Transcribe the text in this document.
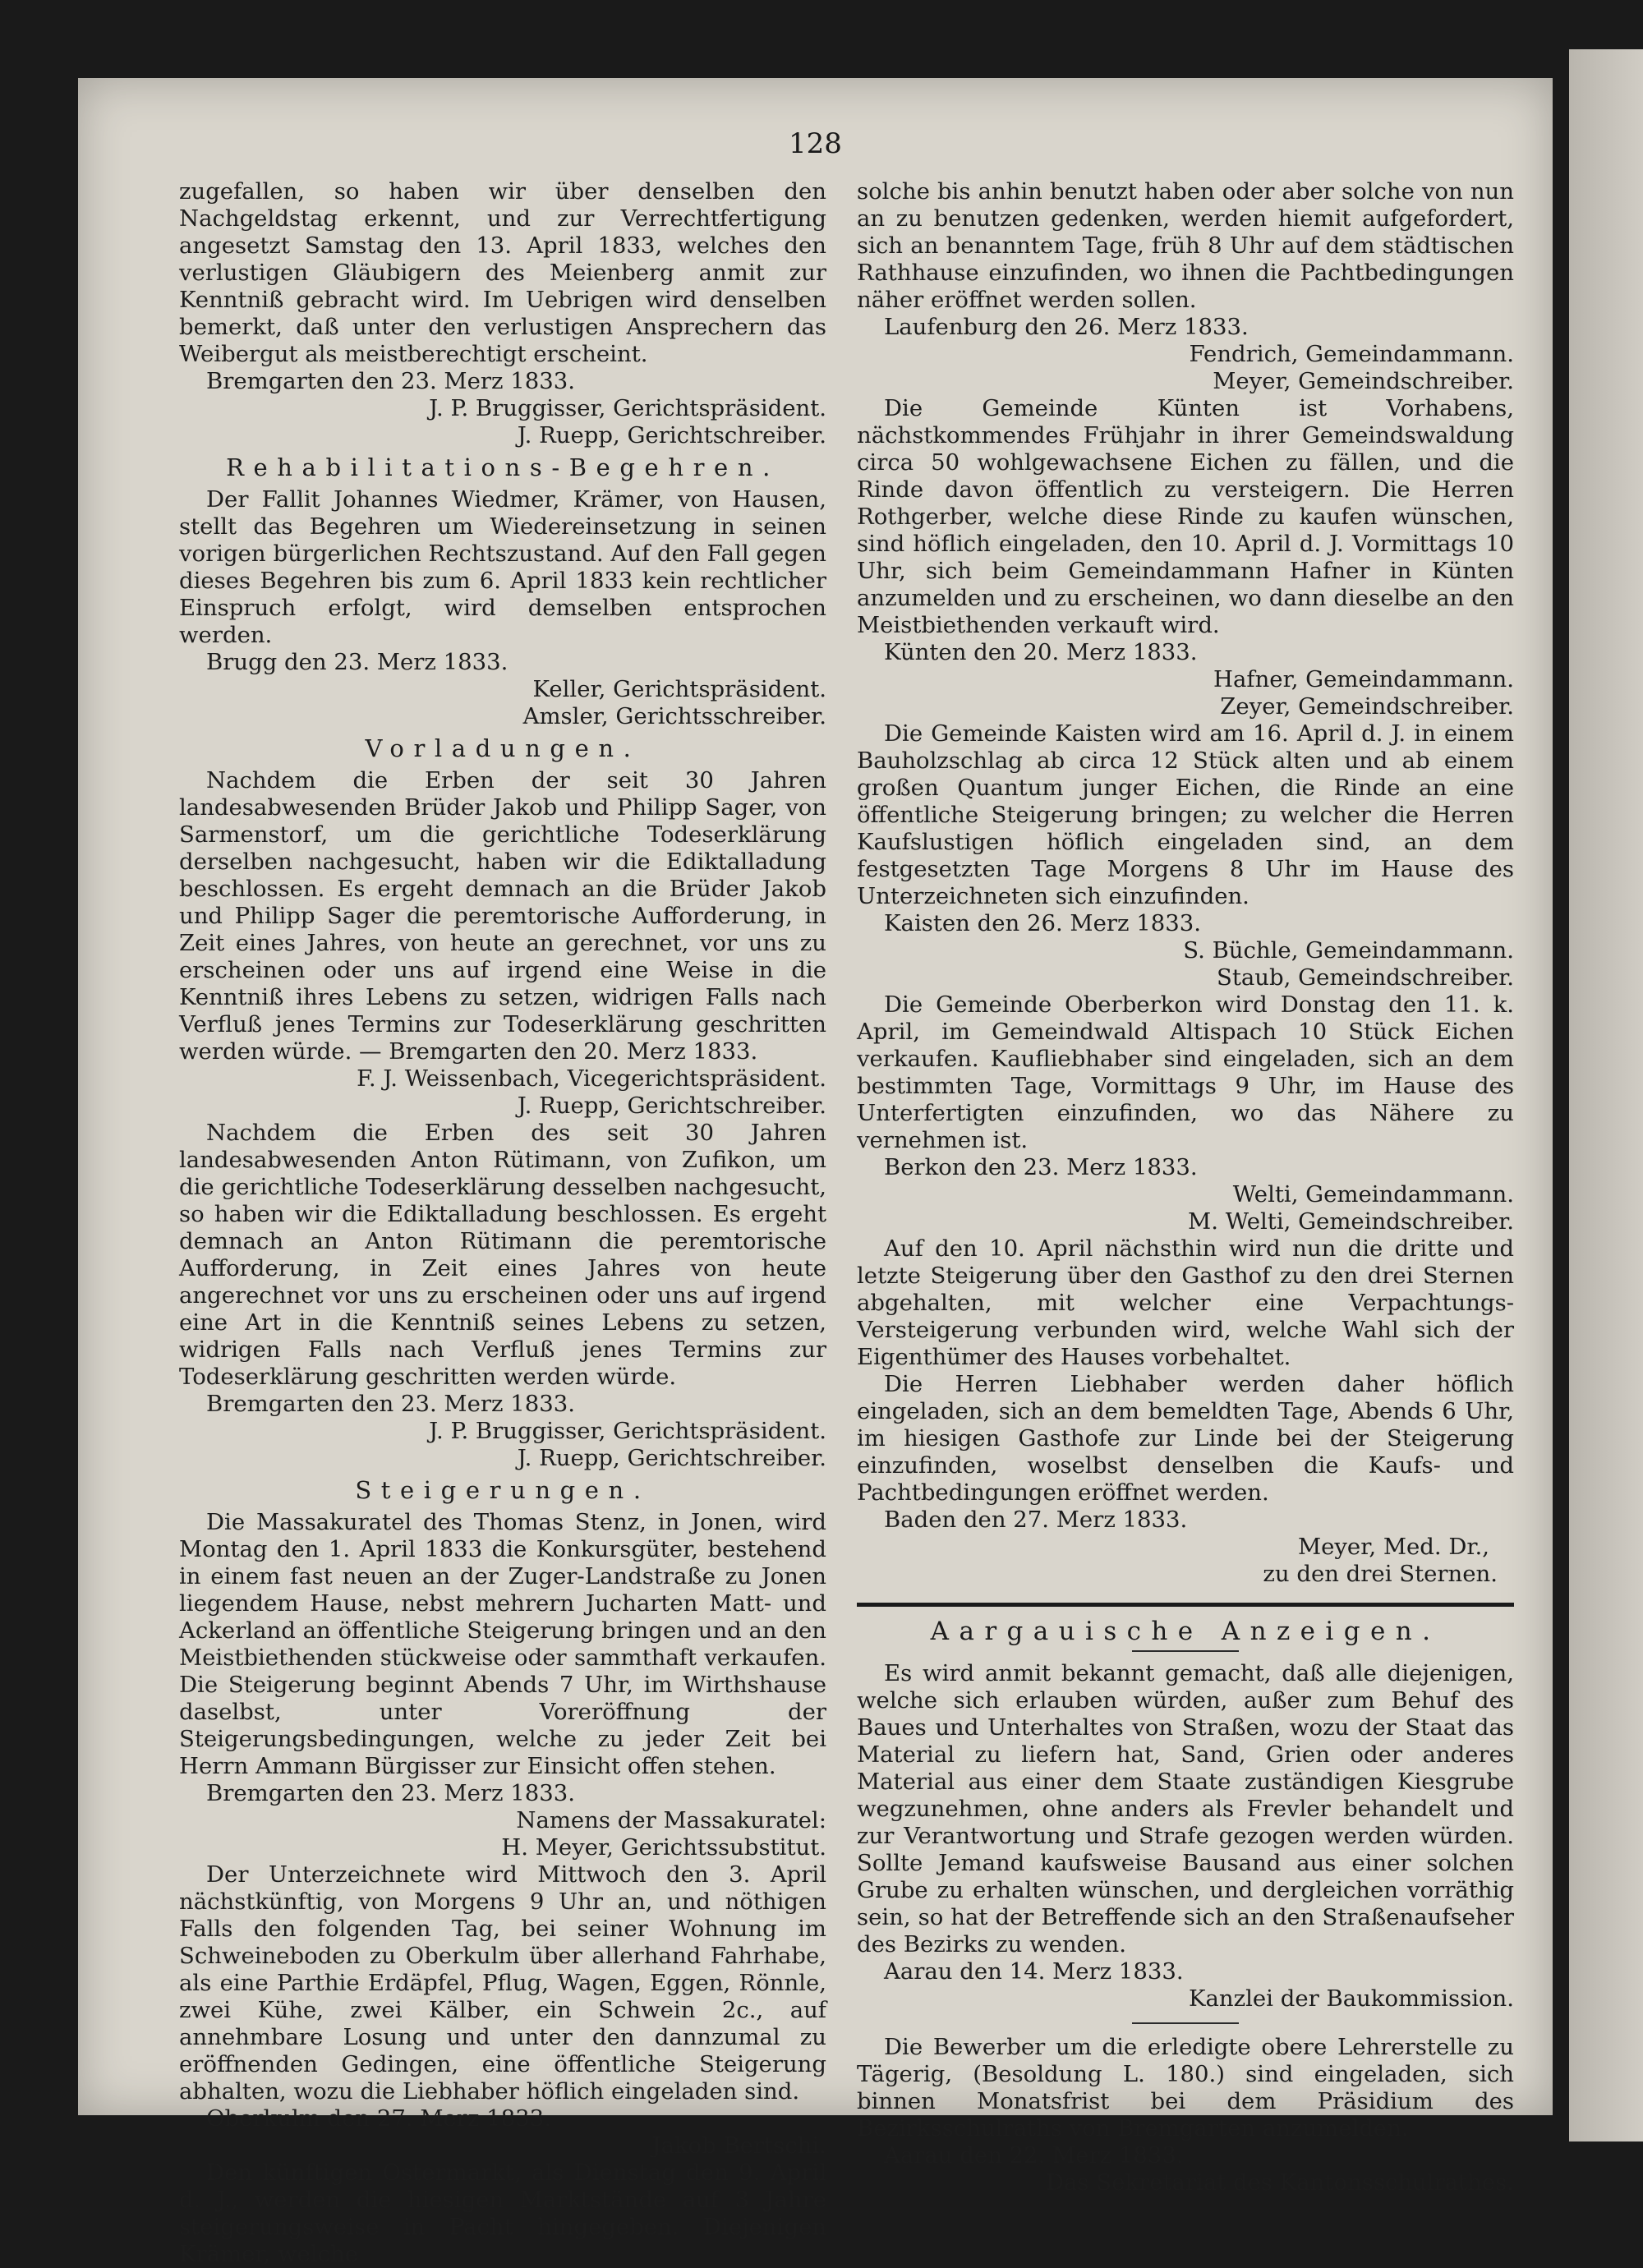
128

zugefallen, so haben wir über denselben den Nachgeldstag erkennt, und zur Verrechtfertigung angesetzt Samstag den 13. April 1833, welches den verlustigen Gläubigern des Meienberg anmit zur Kenntniß gebracht wird. Im Uebrigen wird denselben bemerkt, daß unter den verlustigen Ansprechern das Weibergut als meistberechtigt erscheint.

Bremgarten den 23. Merz 1833.

J. P. Bruggisser, Gerichtspräsident.

J. Ruepp, Gerichtschreiber.

Rehabilitations-Begehren.

Der Fallit Johannes Wiedmer, Krämer, von Hausen, stellt das Begehren um Wiedereinsetzung in seinen vorigen bürgerlichen Rechtszustand. Auf den Fall gegen dieses Begehren bis zum 6. April 1833 kein rechtlicher Einspruch erfolgt, wird demselben entsprochen werden.

Brugg den 23. Merz 1833.

Keller, Gerichtspräsident.

Amsler, Gerichtsschreiber.

Vorladungen.

Nachdem die Erben der seit 30 Jahren landesabwesenden Brüder Jakob und Philipp Sager, von Sarmenstorf, um die gerichtliche Todeserklärung derselben nachgesucht, haben wir die Ediktalladung beschlossen. Es ergeht demnach an die Brüder Jakob und Philipp Sager die peremtorische Aufforderung, in Zeit eines Jahres, von heute an gerechnet, vor uns zu erscheinen oder uns auf irgend eine Weise in die Kenntniß ihres Lebens zu setzen, widrigen Falls nach Verfluß jenes Termins zur Todeserklärung geschritten werden würde. — Bremgarten den 20. Merz 1833.

F. J. Weissenbach, Vicegerichtspräsident.

J. Ruepp, Gerichtschreiber.

Nachdem die Erben des seit 30 Jahren landesabwesenden Anton Rütimann, von Zufikon, um die gerichtliche Todeserklärung desselben nachgesucht, so haben wir die Ediktalladung beschlossen. Es ergeht demnach an Anton Rütimann die peremtorische Aufforderung, in Zeit eines Jahres von heute angerechnet vor uns zu erscheinen oder uns auf irgend eine Art in die Kenntniß seines Lebens zu setzen, widrigen Falls nach Verfluß jenes Termins zur Todeserklärung geschritten werden würde.

Bremgarten den 23. Merz 1833.

J. P. Bruggisser, Gerichtspräsident.

J. Ruepp, Gerichtschreiber.

Steigerungen.

Die Massakuratel des Thomas Stenz, in Jonen, wird Montag den 1. April 1833 die Konkursgüter, bestehend in einem fast neuen an der Zuger-Landstraße zu Jonen liegendem Hause, nebst mehrern Jucharten Matt- und Ackerland an öffentliche Steigerung bringen und an den Meistbiethenden stückweise oder sammthaft verkaufen. Die Steigerung beginnt Abends 7 Uhr, im Wirthshause daselbst, unter Voreröffnung der Steigerungsbedingungen, welche zu jeder Zeit bei Herrn Ammann Bürgisser zur Einsicht offen stehen.

Bremgarten den 23. Merz 1833.

Namens der Massakuratel:

H. Meyer, Gerichtssubstitut.

Der Unterzeichnete wird Mittwoch den 3. April nächstkünftig, von Morgens 9 Uhr an, und nöthigen Falls den folgenden Tag, bei seiner Wohnung im Schweineboden zu Oberkulm über allerhand Fahrhabe, als eine Parthie Erdäpfel, Pflug, Wagen, Eggen, Rönnle, zwei Kühe, zwei Kälber, ein Schwein 2c., auf annehmbare Losung und unter den dannzumal zu eröffnenden Gedingen, eine öffentliche Steigerung abhalten, wozu die Liebhaber höflich eingeladen sind.

Oberkulm den 27. Merz 1833.

Jakob Bertschi.

Den künftigen Ostermarkt, als Dienstag den 9. April d. J., werden die hiesigen Marktstände auf 3 Jahre steigerungsweise in Pacht hingegeben. Diejenigen Krämer, welche

solche bis anhin benutzt haben oder aber solche von nun an zu benutzen gedenken, werden hiemit aufgefordert, sich an benanntem Tage, früh 8 Uhr auf dem städtischen Rathhause einzufinden, wo ihnen die Pachtbedingungen näher eröffnet werden sollen.

Laufenburg den 26. Merz 1833.

Fendrich, Gemeindammann.

Meyer, Gemeindschreiber.

Die Gemeinde Künten ist Vorhabens, nächstkommendes Frühjahr in ihrer Gemeindswaldung circa 50 wohlgewachsene Eichen zu fällen, und die Rinde davon öffentlich zu versteigern. Die Herren Rothgerber, welche diese Rinde zu kaufen wünschen, sind höflich eingeladen, den 10. April d. J. Vormittags 10 Uhr, sich beim Gemeindammann Hafner in Künten anzumelden und zu erscheinen, wo dann dieselbe an den Meistbiethenden verkauft wird.

Künten den 20. Merz 1833.

Hafner, Gemeindammann.

Zeyer, Gemeindschreiber.

Die Gemeinde Kaisten wird am 16. April d. J. in einem Bauholzschlag ab circa 12 Stück alten und ab einem großen Quantum junger Eichen, die Rinde an eine öffentliche Steigerung bringen; zu welcher die Herren Kaufslustigen höflich eingeladen sind, an dem festgesetzten Tage Morgens 8 Uhr im Hause des Unterzeichneten sich einzufinden.

Kaisten den 26. Merz 1833.

S. Büchle, Gemeindammann.

Staub, Gemeindschreiber.

Die Gemeinde Oberberkon wird Donstag den 11. k. April, im Gemeindwald Altispach 10 Stück Eichen verkaufen. Kaufliebhaber sind eingeladen, sich an dem bestimmten Tage, Vormittags 9 Uhr, im Hause des Unterfertigten einzufinden, wo das Nähere zu vernehmen ist.

Berkon den 23. Merz 1833.

Welti, Gemeindammann.

M. Welti, Gemeindschreiber.

Auf den 10. April nächsthin wird nun die dritte und letzte Steigerung über den Gasthof zu den drei Sternen abgehalten, mit welcher eine Verpachtungs-Versteigerung verbunden wird, welche Wahl sich der Eigenthümer des Hauses vorbehaltet.

Die Herren Liebhaber werden daher höflich eingeladen, sich an dem bemeldten Tage, Abends 6 Uhr, im hiesigen Gasthofe zur Linde bei der Steigerung einzufinden, woselbst denselben die Kaufs- und Pachtbedingungen eröffnet werden.

Baden den 27. Merz 1833.

Meyer, Med. Dr.,

zu den drei Sternen.

Aargauische Anzeigen.

Es wird anmit bekannt gemacht, daß alle diejenigen, welche sich erlauben würden, außer zum Behuf des Baues und Unterhaltes von Straßen, wozu der Staat das Material zu liefern hat, Sand, Grien oder anderes Material aus einer dem Staate zuständigen Kiesgrube wegzunehmen, ohne anders als Frevler behandelt und zur Verantwortung und Strafe gezogen werden würden. Sollte Jemand kaufsweise Bausand aus einer solchen Grube zu erhalten wünschen, und dergleichen vorräthig sein, so hat der Betreffende sich an den Straßenaufseher des Bezirks zu wenden.

Aarau den 14. Merz 1833.

Kanzlei der Baukommission.

Die Bewerber um die erledigte obere Lehrerstelle zu Tägerig, (Besoldung L. 180.) sind eingeladen, sich binnen Monatsfrist bei dem Präsidium des Bezirksschulraths von Bremgarten anzumelden.

Aarau den 22. Merz 1833.

Das Sekretariat des Kantonsschulrathes.
